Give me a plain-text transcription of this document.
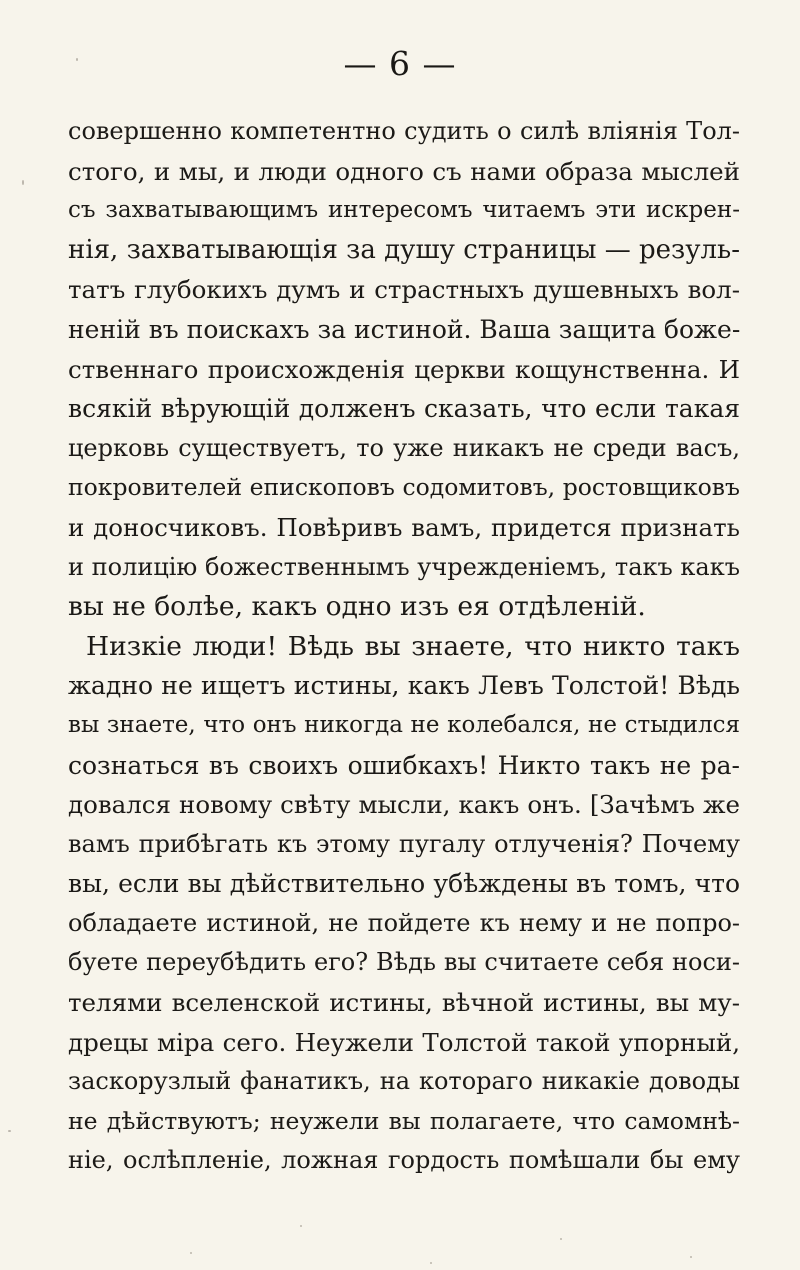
— 6 —
совершенно компетентно судить о силѣ вліянія Тол-
стого, и мы, и люди одного съ нами образа мыслей
съ захватывающимъ интересомъ читаемъ эти искрен-
нія, захватывающія за душу страницы — резуль-
татъ глубокихъ думъ и страстныхъ душевныхъ вол-
неній въ поискахъ за истиной. Ваша защита боже-
ственнаго происхожденія церкви кощунственна. И
всякій вѣрующій долженъ сказать, что если такая
церковь существуетъ, то уже никакъ не среди васъ,
покровителей епископовъ содомитовъ, ростовщиковъ
и доносчиковъ. Повѣривъ вамъ, придется признать
и полицію божественнымъ учрежденіемъ, такъ какъ
вы не болѣе, какъ одно изъ ея отдѣленій.
Низкіе люди! Вѣдь вы знаете, что никто такъ
жадно не ищетъ истины, какъ Левъ Толстой! Вѣдь
вы знаете, что онъ никогда не колебался, не стыдился
сознаться въ своихъ ошибкахъ! Никто такъ не ра-
довался новому свѣту мысли, какъ онъ. [Зачѣмъ же
вамъ прибѣгать къ этому пугалу отлученія? Почему
вы, если вы дѣйствительно убѣждены въ томъ, что
обладаете истиной, не пойдете къ нему и не попро-
буете переубѣдить его? Вѣдь вы считаете себя носи-
телями вселенской истины, вѣчной истины, вы му-
дрецы міра сего. Неужели Толстой такой упорный,
заскорузлый фанатикъ, на котораго никакіе доводы
не дѣйствуютъ; неужели вы полагаете, что самомнѣ-
ніе, ослѣпленіе, ложная гордость помѣшали бы ему
